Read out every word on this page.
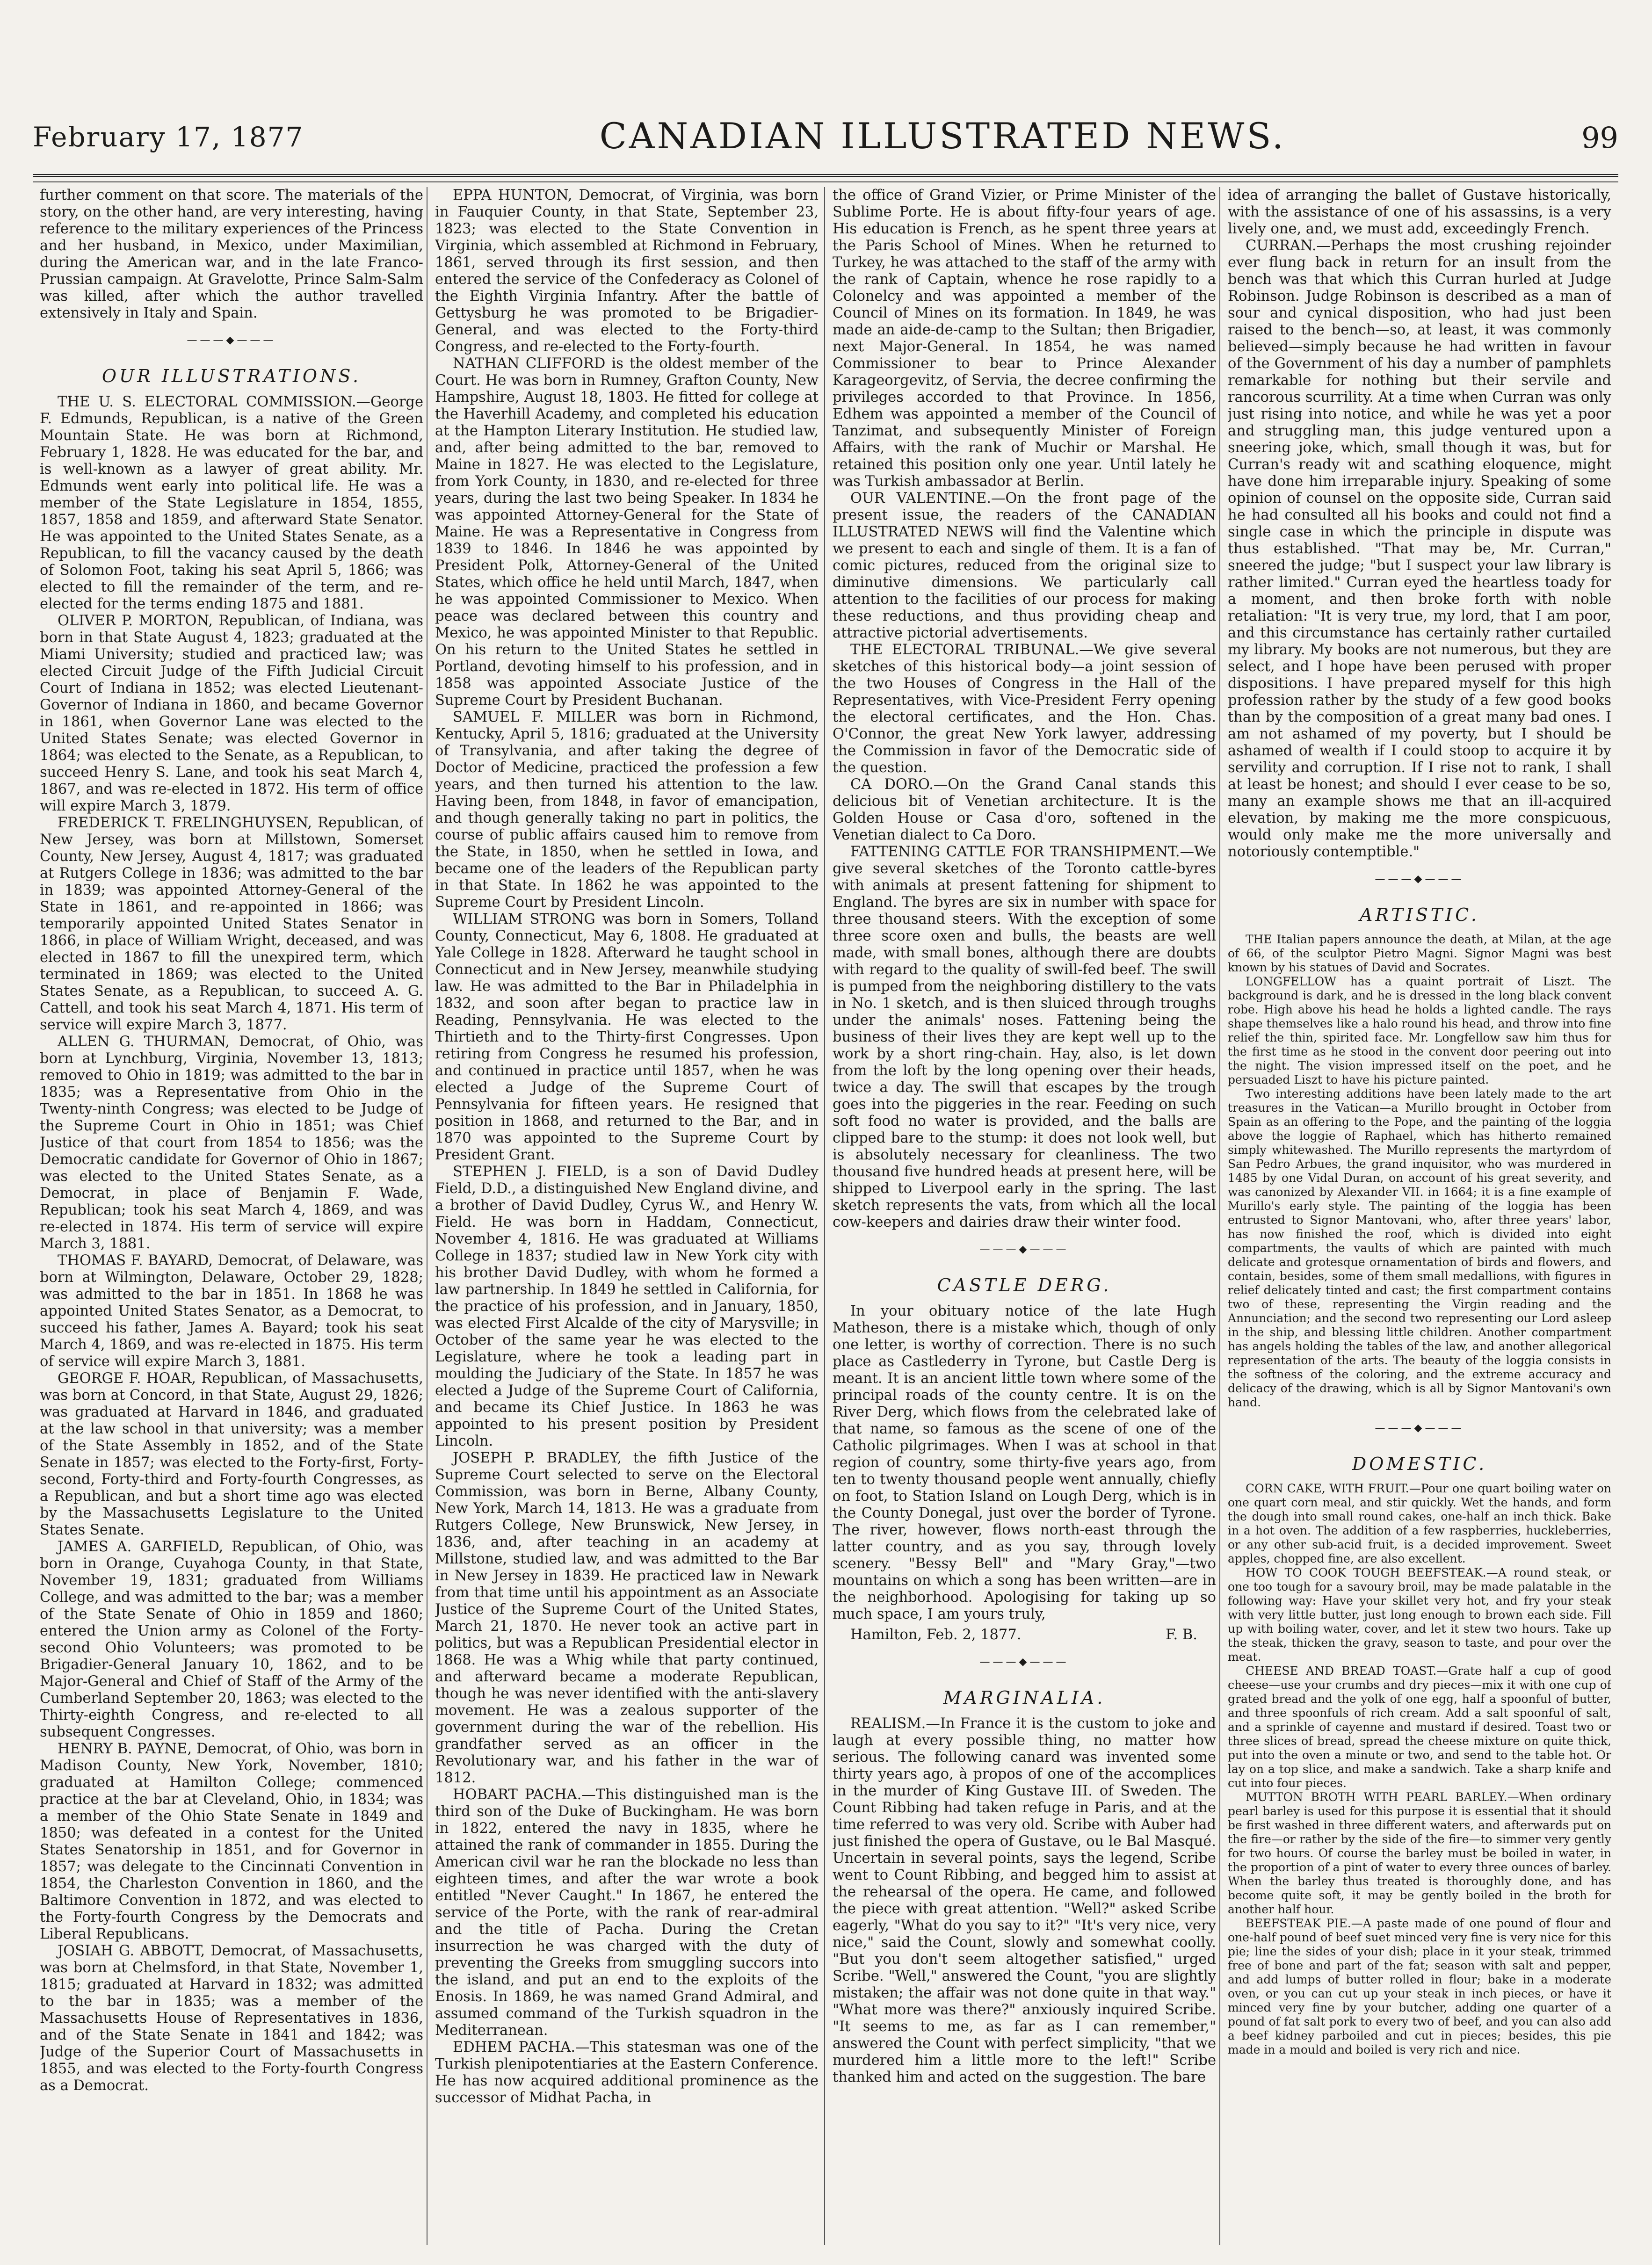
February 17, 1877	CANADIAN ILLUSTRATED NEWS.	99

further comment on that score. The materials of the story, on the other hand, are very interesting, having reference to the military experiences of the Princess and her husband, in Mexico, under Maximilian, during the American war, and in the late Franco-Prussian campaign. At Gravelotte, Prince Salm-Salm was killed, after which the author travelled extensively in Italy and Spain.

———◆———
OUR ILLUSTRATIONS.

THE U. S. ELECTORAL COMMISSION.—George F. Edmunds, Republican, is a native of the Green Mountain State. He was born at Richmond, February 1, 1828. He was educated for the bar, and is well-known as a lawyer of great ability. Mr. Edmunds went early into political life. He was a member of the State Legislature in 1854, 1855, 1857, 1858 and 1859, and afterward State Senator. He was appointed to the United States Senate, as a Republican, to fill the vacancy caused by the death of Solomon Foot, taking his seat April 5, 1866; was elected to fill the remainder of the term, and re-elected for the terms ending 1875 and 1881.

OLIVER P. MORTON, Republican, of Indiana, was born in that State August 4, 1823; graduated at the Miami University; studied and practiced law; was elected Circuit Judge of the Fifth Judicial Circuit Court of Indiana in 1852; was elected Lieutenant-Governor of Indiana in 1860, and became Governor in 1861, when Governor Lane was elected to the United States Senate; was elected Governor in 1864; was elected to the Senate, as a Republican, to succeed Henry S. Lane, and took his seat March 4, 1867, and was re-elected in 1872. His term of office will expire March 3, 1879.

FREDERICK T. FRELINGHUYSEN, Republican, of New Jersey, was born at Millstown, Somerset County, New Jersey, August 4, 1817; was graduated at Rutgers College in 1836; was admitted to the bar in 1839; was appointed Attorney-General of the State in 1861, and re-appointed in 1866; was temporarily appointed United States Senator in 1866, in place of William Wright, deceased, and was elected in 1867 to fill the unexpired term, which terminated in 1869; was elected to the United States Senate, as a Republican, to succeed A. G. Cattell, and took his seat March 4, 1871. His term of service will expire March 3, 1877.

ALLEN G. THURMAN, Democrat, of Ohio, was born at Lynchburg, Virginia, November 13, 1813; removed to Ohio in 1819; was admitted to the bar in 1835; was a Representative from Ohio in the Twenty-ninth Congress; was elected to be Judge of the Supreme Court in Ohio in 1851; was Chief Justice of that court from 1854 to 1856; was the Democratic candidate for Governor of Ohio in 1867; was elected to the United States Senate, as a Democrat, in place of Benjamin F. Wade, Republican; took his seat March 4, 1869, and was re-elected in 1874. His term of service will expire March 3, 1881.

THOMAS F. BAYARD, Democrat, of Delaware, was born at Wilmington, Delaware, October 29, 1828; was admitted to the bar in 1851. In 1868 he was appointed United States Senator, as a Democrat, to succeed his father, James A. Bayard; took his seat March 4, 1869, and was re-elected in 1875. His term of service will expire March 3, 1881.

GEORGE F. HOAR, Republican, of Massachusetts, was born at Concord, in that State, August 29, 1826; was graduated at Harvard in 1846, and graduated at the law school in that university; was a member of the State Assembly in 1852, and of the State Senate in 1857; was elected to the Forty-first, Forty-second, Forty-third and Forty-fourth Congresses, as a Republican, and but a short time ago was elected by the Massachusetts Legislature to the United States Senate.

JAMES A. GARFIELD, Republican, of Ohio, was born in Orange, Cuyahoga County, in that State, November 19, 1831; graduated from Williams College, and was admitted to the bar; was a member of the State Senate of Ohio in 1859 and 1860; entered the Union army as Colonel of the Forty-second Ohio Volunteers; was promoted to be Brigadier-General January 10, 1862, and to be Major-General and Chief of Staff of the Army of the Cumberland September 20, 1863; was elected to the Thirty-eighth Congress, and re-elected to all subsequent Congresses.

HENRY B. PAYNE, Democrat, of Ohio, was born in Madison County, New York, November, 1810; graduated at Hamilton College; commenced practice at the bar at Cleveland, Ohio, in 1834; was a member of the Ohio State Senate in 1849 and 1850; was defeated in a contest for the United States Senatorship in 1851, and for Governor in 1857; was delegate to the Cincinnati Convention in 1854, the Charleston Convention in 1860, and the Baltimore Convention in 1872, and was elected to the Forty-fourth Congress by the Democrats and Liberal Republicans.

JOSIAH G. ABBOTT, Democrat, of Massachusetts, was born at Chelmsford, in that State, November 1, 1815; graduated at Harvard in 1832; was admitted to the bar in 1835; was a member of the Massachusetts House of Representatives in 1836, and of the State Senate in 1841 and 1842; was Judge of the Superior Court of Massachusetts in 1855, and was elected to the Forty-fourth Congress as a Democrat.

EPPA HUNTON, Democrat, of Virginia, was born in Fauquier County, in that State, September 23, 1823; was elected to the State Convention in Virginia, which assembled at Richmond in February, 1861, served through its first session, and then entered the service of the Confederacy as Colonel of the Eighth Virginia Infantry. After the battle of Gettysburg he was promoted to be Brigadier-General, and was elected to the Forty-third Congress, and re-elected to the Forty-fourth.

NATHAN CLIFFORD is the oldest member of the Court. He was born in Rumney, Grafton County, New Hampshire, August 18, 1803. He fitted for college at the Haverhill Academy, and completed his education at the Hampton Literary Institution. He studied law, and, after being admitted to the bar, removed to Maine in 1827. He was elected to the Legislature, from York County, in 1830, and re-elected for three years, during the last two being Speaker. In 1834 he was appointed Attorney-General for the State of Maine. He was a Representative in Congress from 1839 to 1846. In 1846 he was appointed by President Polk, Attorney-General of the United States, which office he held until March, 1847, when he was appointed Commissioner to Mexico. When peace was declared between this country and Mexico, he was appointed Minister to that Republic. On his return to the United States he settled in Portland, devoting himself to his profession, and in 1858 was appointed Associate Justice of the Supreme Court by President Buchanan.

SAMUEL F. MILLER was born in Richmond, Kentucky, April 5, 1816; graduated at the University of Transylvania, and after taking the degree of Doctor of Medicine, practiced the profession a few years, and then turned his attention to the law. Having been, from 1848, in favor of emancipation, and though generally taking no part in politics, the course of public affairs caused him to remove from the State, in 1850, when he settled in Iowa, and became one of the leaders of the Republican party in that State. In 1862 he was appointed to the Supreme Court by President Lincoln.

WILLIAM STRONG was born in Somers, Tolland County, Connecticut, May 6, 1808. He graduated at Yale College in 1828. Afterward he taught school in Connecticut and in New Jersey, meanwhile studying law. He was admitted to the Bar in Philadelphia in 1832, and soon after began to practice law in Reading, Pennsylvania. He was elected to the Thirtieth and to the Thirty-first Congresses. Upon retiring from Congress he resumed his profession, and continued in practice until 1857, when he was elected a Judge of the Supreme Court of Pennsylvania for fifteen years. He resigned that position in 1868, and returned to the Bar, and in 1870 was appointed to the Supreme Court by President Grant.

STEPHEN J. FIELD, is a son of David Dudley Field, D.D., a distinguished New England divine, and a brother of David Dudley, Cyrus W., and Henry W. Field. He was born in Haddam, Connecticut, November 4, 1816. He was graduated at Williams College in 1837; studied law in New York city with his brother David Dudley, with whom he formed a law partnership. In 1849 he settled in California, for the practice of his profession, and in January, 1850, was elected First Alcalde of the city of Marysville; in October of the same year he was elected to the Legislature, where he took a leading part in moulding the Judiciary of the State. In 1857 he was elected a Judge of the Supreme Court of California, and became its Chief Justice. In 1863 he was appointed to his present position by President Lincoln.

JOSEPH P. BRADLEY, the fifth Justice of the Supreme Court selected to serve on the Electoral Commission, was born in Berne, Albany County, New York, March 14, 1813. He was a graduate from Rutgers College, New Brunswick, New Jersey, in 1836, and, after teaching in an academy at Millstone, studied law, and was admitted to the Bar in New Jersey in 1839. He practiced law in Newark from that time until his appointment as an Associate Justice of the Supreme Court of the United States, March 21, 1870. He never took an active part in politics, but was a Republican Presidential elector in 1868. He was a Whig while that party continued, and afterward became a moderate Republican, though he was never identified with the anti-slavery movement. He was a zealous supporter of the government during the war of the rebellion. His grandfather served as an officer in the Revolutionary war, and his father in the war of 1812.

HOBART PACHA.—This distinguished man is the third son of the Duke of Buckingham. He was born in 1822, entered the navy in 1835, where he attained the rank of commander in 1855. During the American civil war he ran the blockade no less than eighteen times, and after the war wrote a book entitled "Never Caught." In 1867, he entered the service of the Porte, with the rank of rear-admiral and the title of Pacha. During the Cretan insurrection he was charged with the duty of preventing the Greeks from smuggling succors into the island, and put an end to the exploits of the Enosis. In 1869, he was named Grand Admiral, and assumed command of the Turkish squadron in the Mediterranean.

EDHEM PACHA.—This statesman was one of the Turkish plenipotentiaries at the Eastern Conference. He has now acquired additional prominence as the successor of Midhat Pacha, in

the office of Grand Vizier, or Prime Minister of the Sublime Porte. He is about fifty-four years of age. His education is French, as he spent three years at the Paris School of Mines. When he returned to Turkey, he was attached to the staff of the army with the rank of Captain, whence he rose rapidly to a Colonelcy and was appointed a member of the Council of Mines on its formation. In 1849, he was made an aide-de-camp to the Sultan; then Brigadier, next Major-General. In 1854, he was named Commissioner to bear to Prince Alexander Karageorgevitz, of Servia, the decree confirming the privileges accorded to that Province. In 1856, Edhem was appointed a member of the Council of Tanzimat, and subsequently Minister of Foreign Affairs, with the rank of Muchir or Marshal. He retained this position only one year. Until lately he was Turkish ambassador at Berlin.

OUR VALENTINE.—On the front page of the present issue, the readers of the CANADIAN ILLUSTRATED NEWS will find the Valentine which we present to each and single of them. It is a fan of comic pictures, reduced from the original size to diminutive dimensions. We particularly call attention to the facilities of our process for making these reductions, and thus providing cheap and attractive pictorial advertisements.

THE ELECTORAL TRIBUNAL.—We give several sketches of this historical body—a joint session of the two Houses of Congress in the Hall of the Representatives, with Vice-President Ferry opening the electoral certificates, and the Hon. Chas. O'Connor, the great New York lawyer, addressing the Commission in favor of the Democratic side of the question.

CA DORO.—On the Grand Canal stands this delicious bit of Venetian architecture. It is the Golden House or Casa d'oro, softened in the Venetian dialect to Ca Doro.

FATTENING CATTLE FOR TRANSHIPMENT.—We give several sketches of the Toronto cattle-byres with animals at present fattening for shipment to England. The byres are six in number with space for three thousand steers. With the exception of some three score oxen and bulls, the beasts are well made, with small bones, although there are doubts with regard to the quality of swill-fed beef. The swill is pumped from the neighboring distillery to the vats in No. 1 sketch, and is then sluiced through troughs under the animals' noses. Fattening being the business of their lives they are kept well up to the work by a short ring-chain. Hay, also, is let down from the loft by the long opening over their heads, twice a day. The swill that escapes by the trough goes into the piggeries in the rear. Feeding on such soft food no water is provided, and the balls are clipped bare to the stump: it does not look well, but is absolutely necessary for cleanliness. The two thousand five hundred heads at present here, will be shipped to Liverpool early in the spring. The last sketch represents the vats, from which all the local cow-keepers and dairies draw their winter food.

———◆———
CASTLE DERG.

In your obituary notice of the late Hugh Matheson, there is a mistake which, though of only one letter, is worthy of correction. There is no such place as Castlederry in Tyrone, but Castle Derg is meant. It is an ancient little town where some of the principal roads of the county centre. It is on the River Derg, which flows from the celebrated lake of that name, so famous as the scene of one of the Catholic pilgrimages. When I was at school in that region of country, some thirty-five years ago, from ten to twenty thousand people went annually, chiefly on foot, to Station Island on Lough Derg, which is in the County Donegal, just over the border of Tyrone. The river, however, flows north-east through the latter country, and as you say, through lovely scenery. "Bessy Bell" and "Mary Gray,"—two mountains on which a song has been written—are in the neighborhood. Apologising for taking up so much space, I am yours truly,

Hamilton, Feb. 2, 1877.	F. B.
———◆———
MARGINALIA.

REALISM.—In France it is the custom to joke and laugh at every possible thing, no matter how serious. The following canard was invented some thirty years ago, à propos of one of the accomplices in the murder of King Gustave III. of Sweden. The Count Ribbing had taken refuge in Paris, and at the time referred to was very old. Scribe with Auber had just finished the opera of Gustave, ou le Bal Masqué. Uncertain in several points, says the legend, Scribe went to Count Ribbing, and begged him to assist at the rehearsal of the opera. He came, and followed the piece with great attention. "Well?" asked Scribe eagerly, "What do you say to it?" "It's very nice, very nice," said the Count, slowly and somewhat coolly. "But you don't seem altogether satisfied," urged Scribe. "Well," answered the Count, "you are slightly mistaken; the affair was not done quite in that way." "What more was there?" anxiously inquired Scribe. "It seems to me, as far as I can remember," answered the Count with perfect simplicity, "that we murdered him a little more to the left!" Scribe thanked him and acted on the suggestion. The bare

idea of arranging the ballet of Gustave historically, with the assistance of one of his assassins, is a very lively one, and, we must add, exceedingly French.

CURRAN.—Perhaps the most crushing rejoinder ever flung back in return for an insult from the bench was that which this Curran hurled at Judge Robinson. Judge Robinson is described as a man of sour and cynical disposition, who had just been raised to the bench—so, at least, it was commonly believed—simply because he had written in favour of the Government of his day a number of pamphlets remarkable for nothing but their servile and rancorous scurrility. At a time when Curran was only just rising into notice, and while he was yet a poor and struggling man, this judge ventured upon a sneering joke, which, small though it was, but for Curran's ready wit and scathing eloquence, might have done him irreparable injury. Speaking of some opinion of counsel on the opposite side, Curran said he had consulted all his books and could not find a single case in which the principle in dispute was thus established. "That may be, Mr. Curran," sneered the judge; "but I suspect your law library is rather limited." Curran eyed the heartless toady for a moment, and then broke forth with noble retaliation: "It is very true, my lord, that I am poor, and this circumstance has certainly rather curtailed my library. My books are not numerous, but they are select, and I hope have been perused with proper dispositions. I have prepared myself for this high profession rather by the study of a few good books than by the composition of a great many bad ones. I am not ashamed of my poverty, but I should be ashamed of wealth if I could stoop to acquire it by servility and corruption. If I rise not to rank, I shall at least be honest; and should I ever cease to be so, many an example shows me that an ill-acquired elevation, by making me the more conspicuous, would only make me the more universally and notoriously contemptible."

———◆———
ARTISTIC.

THE Italian papers announce the death, at Milan, at the age of 66, of the sculptor Pietro Magni. Signor Magni was best known by his statues of David and Socrates.

LONGFELLOW has a quaint portrait of Liszt. The background is dark, and he is dressed in the long black convent robe. High above his head he holds a lighted candle. The rays shape themselves like a halo round his head, and throw into fine relief the thin, spirited face. Mr. Longfellow saw him thus for the first time as he stood in the convent door peering out into the night. The vision impressed itself on the poet, and he persuaded Liszt to have his picture painted.

Two interesting additions have been lately made to the art treasures in the Vatican—a Murillo brought in October from Spain as an offering to the Pope, and the painting of the loggia above the loggie of Raphael, which has hitherto remained simply whitewashed. The Murillo represents the martyrdom of San Pedro Arbues, the grand inquisitor, who was murdered in 1485 by one Vidal Duran, on account of his great severity, and was canonized by Alexander VII. in 1664; it is a fine example of Murillo's early style. The painting of the loggia has been entrusted to Signor Mantovani, who, after three years' labor, has now finished the roof, which is divided into eight compartments, the vaults of which are painted with much delicate and grotesque ornamentation of birds and flowers, and contain, besides, some of them small medallions, with figures in relief delicately tinted and cast; the first compartment contains two of these, representing the Virgin reading and the Annunciation; and the second two representing our Lord asleep in the ship, and blessing little children. Another compartment has angels holding the tables of the law, and another allegorical representation of the arts. The beauty of the loggia consists in the softness of the coloring, and the extreme accuracy and delicacy of the drawing, which is all by Signor Mantovani's own hand.

———◆———
DOMESTIC.

CORN CAKE, WITH FRUIT.—Pour one quart boiling water on one quart corn meal, and stir quickly. Wet the hands, and form the dough into small round cakes, one-half an inch thick. Bake in a hot oven. The addition of a few raspberries, huckleberries, or any other sub-acid fruit, is a decided improvement. Sweet apples, chopped fine, are also excellent.

HOW TO COOK TOUGH BEEFSTEAK.—A round steak, or one too tough for a savoury broil, may be made palatable in the following way: Have your skillet very hot, and fry your steak with very little butter, just long enough to brown each side. Fill up with boiling water, cover, and let it stew two hours. Take up the steak, thicken the gravy, season to taste, and pour over the meat.

CHEESE AND BREAD TOAST.—Grate half a cup of good cheese—use your crumbs and dry pieces—mix it with one cup of grated bread and the yolk of one egg, half a spoonful of butter, and three spoonfuls of rich cream. Add a salt spoonful of salt, and a sprinkle of cayenne and mustard if desired. Toast two or three slices of bread, spread the cheese mixture on quite thick, put into the oven a minute or two, and send to the table hot. Or lay on a top slice, and make a sandwich. Take a sharp knife and cut into four pieces.

MUTTON BROTH WITH PEARL BARLEY.—When ordinary pearl barley is used for this purpose it is essential that it should be first washed in three different waters, and afterwards put on the fire—or rather by the side of the fire—to simmer very gently for two hours. Of course the barley must be boiled in water, in the proportion of a pint of water to every three ounces of barley. When the barley thus treated is thoroughly done, and has become quite soft, it may be gently boiled in the broth for another half hour.

BEEFSTEAK PIE.—A paste made of one pound of flour and one-half pound of beef suet minced very fine is very nice for this pie; line the sides of your dish; place in it your steak, trimmed free of bone and part of the fat; season with salt and pepper, and add lumps of butter rolled in flour; bake in a moderate oven, or you can cut up your steak in inch pieces, or have it minced very fine by your butcher, adding one quarter of a pound of fat salt pork to every two of beef, and you can also add a beef kidney parboiled and cut in pieces; besides, this pie made in a mould and boiled is very rich and nice.
